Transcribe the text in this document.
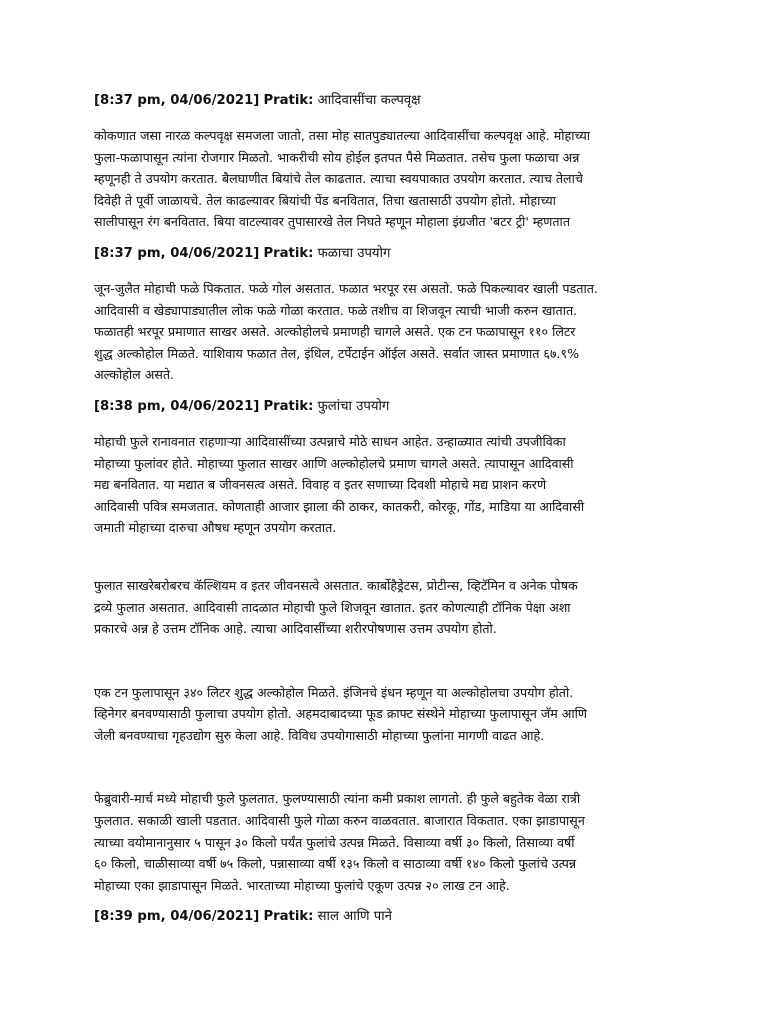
[8:37 pm, 04/06/2021] Pratik: आदिवासींचा कल्पवृक्ष
कोकणात जसा नारळ कल्पवृक्ष समजला जातो, तसा मोह सातपुड्यातल्या आदिवासींचा कल्पवृक्ष आहे. मोहाच्या
फुला-फळापासून त्यांना रोजगार मिळतो. भाकरीची सोय होईल इतपत पैसे मिळतात. तसेच फुला फळाचा अन्न
म्हणूनही ते उपयोग करतात. बैलघाणीत बियांचे तेल काढतात. त्याचा स्वयपाकात उपयोग करतात. त्याच तेलाचे
दिवेही ते पूर्वी जाळायचे. तेल काढल्यावर बियांची पेंड बनवितात, तिचा खतासाठी उपयोग होतो. मोहाच्या
सालीपासून रंग बनवितात. बिया वाटल्यावर तुपासारखे तेल निघते म्हणून मोहाला इंग्रजीत 'बटर ट्री' म्हणतात
[8:37 pm, 04/06/2021] Pratik: फळाचा उपयोग
जून-जुलैत मोहाची फळे पिकतात. फळे गोल असतात. फळात भरपूर रस असतो. फळे पिकल्यावर खाली पडतात.
आदिवासी व खेड्यापाड्यातील लोक फळे गोळा करतात. फळे तशीच वा शिजवून त्याची भाजी करुन खातात.
फळातही भरपूर प्रमाणात साखर असते. अल्कोहोलचे प्रमाणही चागले असते. एक टन फळापासून ११० लिटर
शुद्ध अल्कोहोल मिळते. याशिवाय फळात तेल, इंधिल, टर्पेटाईन ऑईल असते. सर्वात जास्त प्रमाणात ६७.९%
अल्कोहोल असते.
[8:38 pm, 04/06/2021] Pratik: फुलांचा उपयोग
मोहाची फुले रानावनात राहणाऱ्या आदिवासींच्या उत्पन्नाचे मोठे साधन आहेत. उन्हाळ्यात त्यांची उपजीविका
मोहाच्या फुलांवर होते. मोहाच्या फुलात साखर आणि अल्कोहोलचे प्रमाण चागले असते. त्यापासून आदिवासी
मद्य बनवितात. या मद्यात ब जीवनसत्व असते. विवाह व इतर सणाच्या दिवशी मोहाचे मद्य प्राशन करणे
आदिवासी पवित्र समजतात. कोणताही आजार झाला की ठाकर, कातकरी, कोरकू, गोंड, माडिया या आदिवासी
जमाती मोहाच्या दारुचा औषध म्हणून उपयोग करतात.
फुलात साखरेबरोबरच कॅल्शियम व इतर जीवनसत्वे असतात. कार्बोहैड्रेटस, प्रोटीन्स, व्हिटॅमिन व अनेक पोषक
द्रव्ये फुलात असतात. आदिवासी तादळात मोहाची फुले शिजवून खातात. इतर कोणत्याही टॉनिक पेक्षा अशा
प्रकारचे अन्न हे उत्तम टॉनिक आहे. त्याचा आदिवासींच्या शरीरपोषणास उत्तम उपयोग होतो.
एक टन फुलापासून ३४० लिटर शुद्ध अल्कोहोल मिळते. इंजिनचे इंधन म्हणून या अल्कोहोलचा उपयोग होतो.
व्हिनेगर बनवण्यासाठी फुलाचा उपयोग होतो. अहमदाबादच्या फूड क्राफ्ट संस्थेने मोहाच्या फुलापासून जॅम आणि
जेली बनवण्याचा गृहउद्योग सुरु केला आहे. विविध उपयोगासाठी मोहाच्या फुलांना मागणी वाढत आहे.
फेब्रुवारी-मार्च मध्ये मोहाची फुले फुलतात. फुलण्यासाठी त्यांना कमी प्रकाश लागतो. ही फुले बहुतेक वेळा रात्री
फुलतात. सकाळी खाली पडतात. आदिवासी फुले गोळा करुन वाळवतात. बाजारात विकतात. एका झाडापासून
त्याच्या वयोमानानुसार ५ पासून ३० किलो पर्यंत फुलांचे उत्पन्न मिळते. विसाव्या वर्षी ३० किलो, तिसाव्या वर्षी
६० किलो, चाळीसाव्या वर्षी ७५ किलो, पन्नासाव्या वर्षी १३५ किलो व साठाव्या वर्षी १४० किलो फुलांचे उत्पन्न
मोहाच्या एका झाडापासून मिळते. भारताच्या मोहाच्या फुलांचे एकूण उत्पन्न २० लाख टन आहे.
[8:39 pm, 04/06/2021] Pratik: साल आणि पाने
